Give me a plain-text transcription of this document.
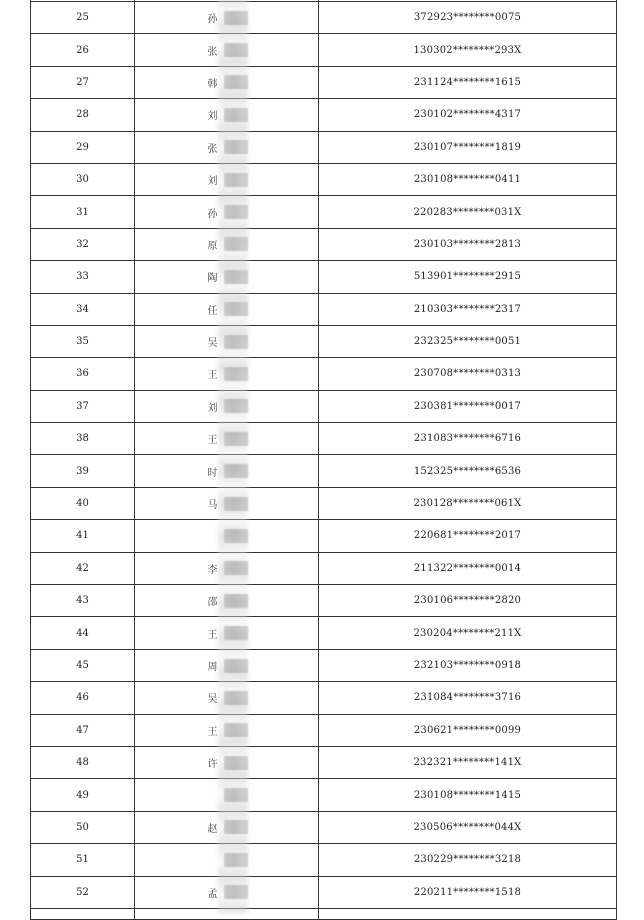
25	孙	372923********0075
26	张	130302********293X
27	韩	231124********1615
28	刘	230102********4317
29	张	230107********1819
30	刘	230108********0411
31	孙	220283********031X
32	原	230103********2813
33	陶	513901********2915
34	任	210303********2317
35	吴	232325********0051
36	王	230708********0313
37	刘	230381********0017
38	王	231083********6716
39	时	152325********6536
40	马	230128********061X
41		220681********2017
42	李	211322********0014
43	邵	230106********2820
44	王	230204********211X
45	周	232103********0918
46	吴	231084********3716
47	王	230621********0099
48	许	232321********141X
49		230108********1415
50	赵	230506********044X
51		230229********3218
52	孟	220211********1518
